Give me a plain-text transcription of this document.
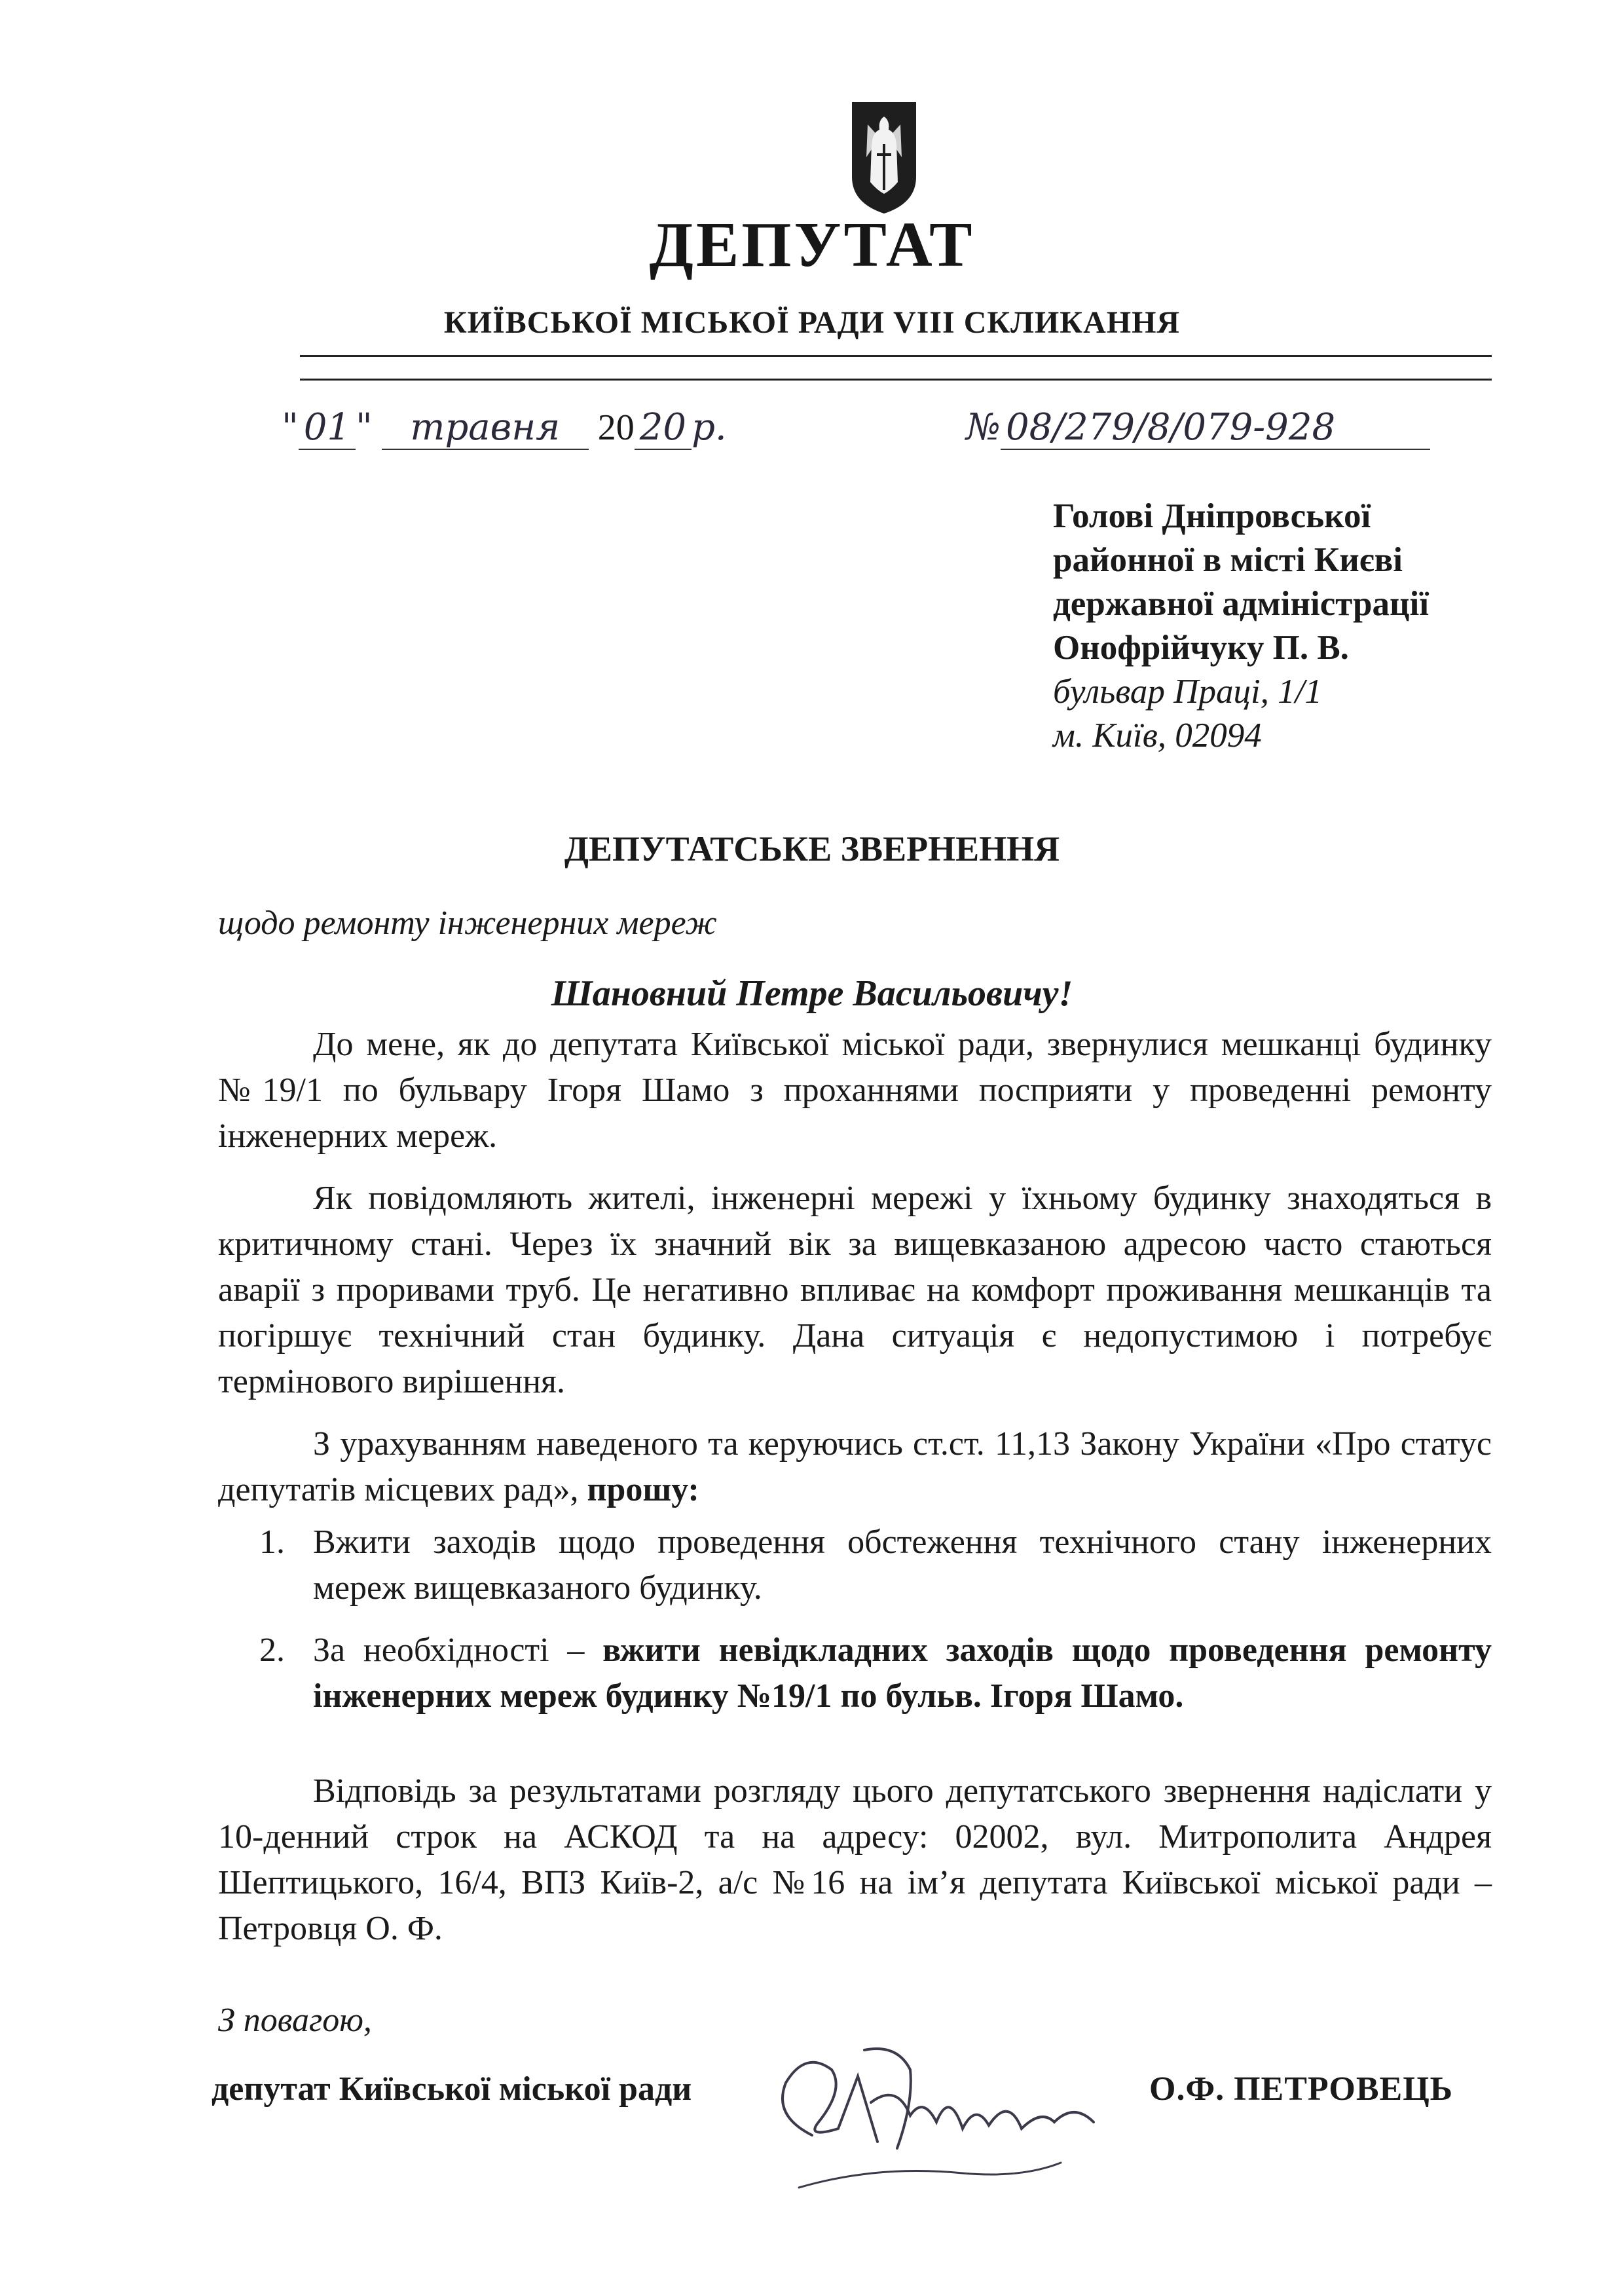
ДЕПУТАТ
КИЇВСЬКОЇ МІСЬКОЇ РАДИ VIII СКЛИКАННЯ
" 01 " травня 20 20 р.	№ 08/279/8/079-928
Голові Дніпровської
районної в місті Києві
державної адміністрації
Онофрійчуку П. В.
бульвар Праці, 1/1
м. Київ, 02094
ДЕПУТАТСЬКЕ ЗВЕРНЕННЯ
щодо ремонту інженерних мереж
Шановний Петре Васильовичу!

До мене, як до депутата Київської міської ради, звернулися мешканці будинку №19/1 по бульвару Ігоря Шамо з проханнями посприяти у проведенні ремонту інженерних мереж.

Як повідомляють жителі, інженерні мережі у їхньому будинку знаходяться в критичному стані. Через їх значний вік за вищевказаною адресою часто стаються аварії з проривами труб. Це негативно впливає на комфорт проживання мешканців та погіршує технічний стан будинку. Дана ситуація є недопустимою і потребує термінового вирішення.

З урахуванням наведеного та керуючись ст.ст. 11,13 Закону України «Про статус депутатів місцевих рад», прошу:

1. Вжити заходів щодо проведення обстеження технічного стану інженерних мереж вищевказаного будинку.
2. За необхідності – вжити невідкладних заходів щодо проведення ремонту інженерних мереж будинку №19/1 по бульв. Ігоря Шамо.

Відповідь за результатами розгляду цього депутатського звернення надіслати у 10-денний строк на АСКОД та на адресу: 02002, вул. Митрополита Андрея Шептицького, 16/4, ВПЗ Київ-2, а/с №16 на ім’я депутата Київської міської ради – Петровця О. Ф.

З повагою,
депутат Київської міської ради	О.Ф. ПЕТРОВЕЦЬ
